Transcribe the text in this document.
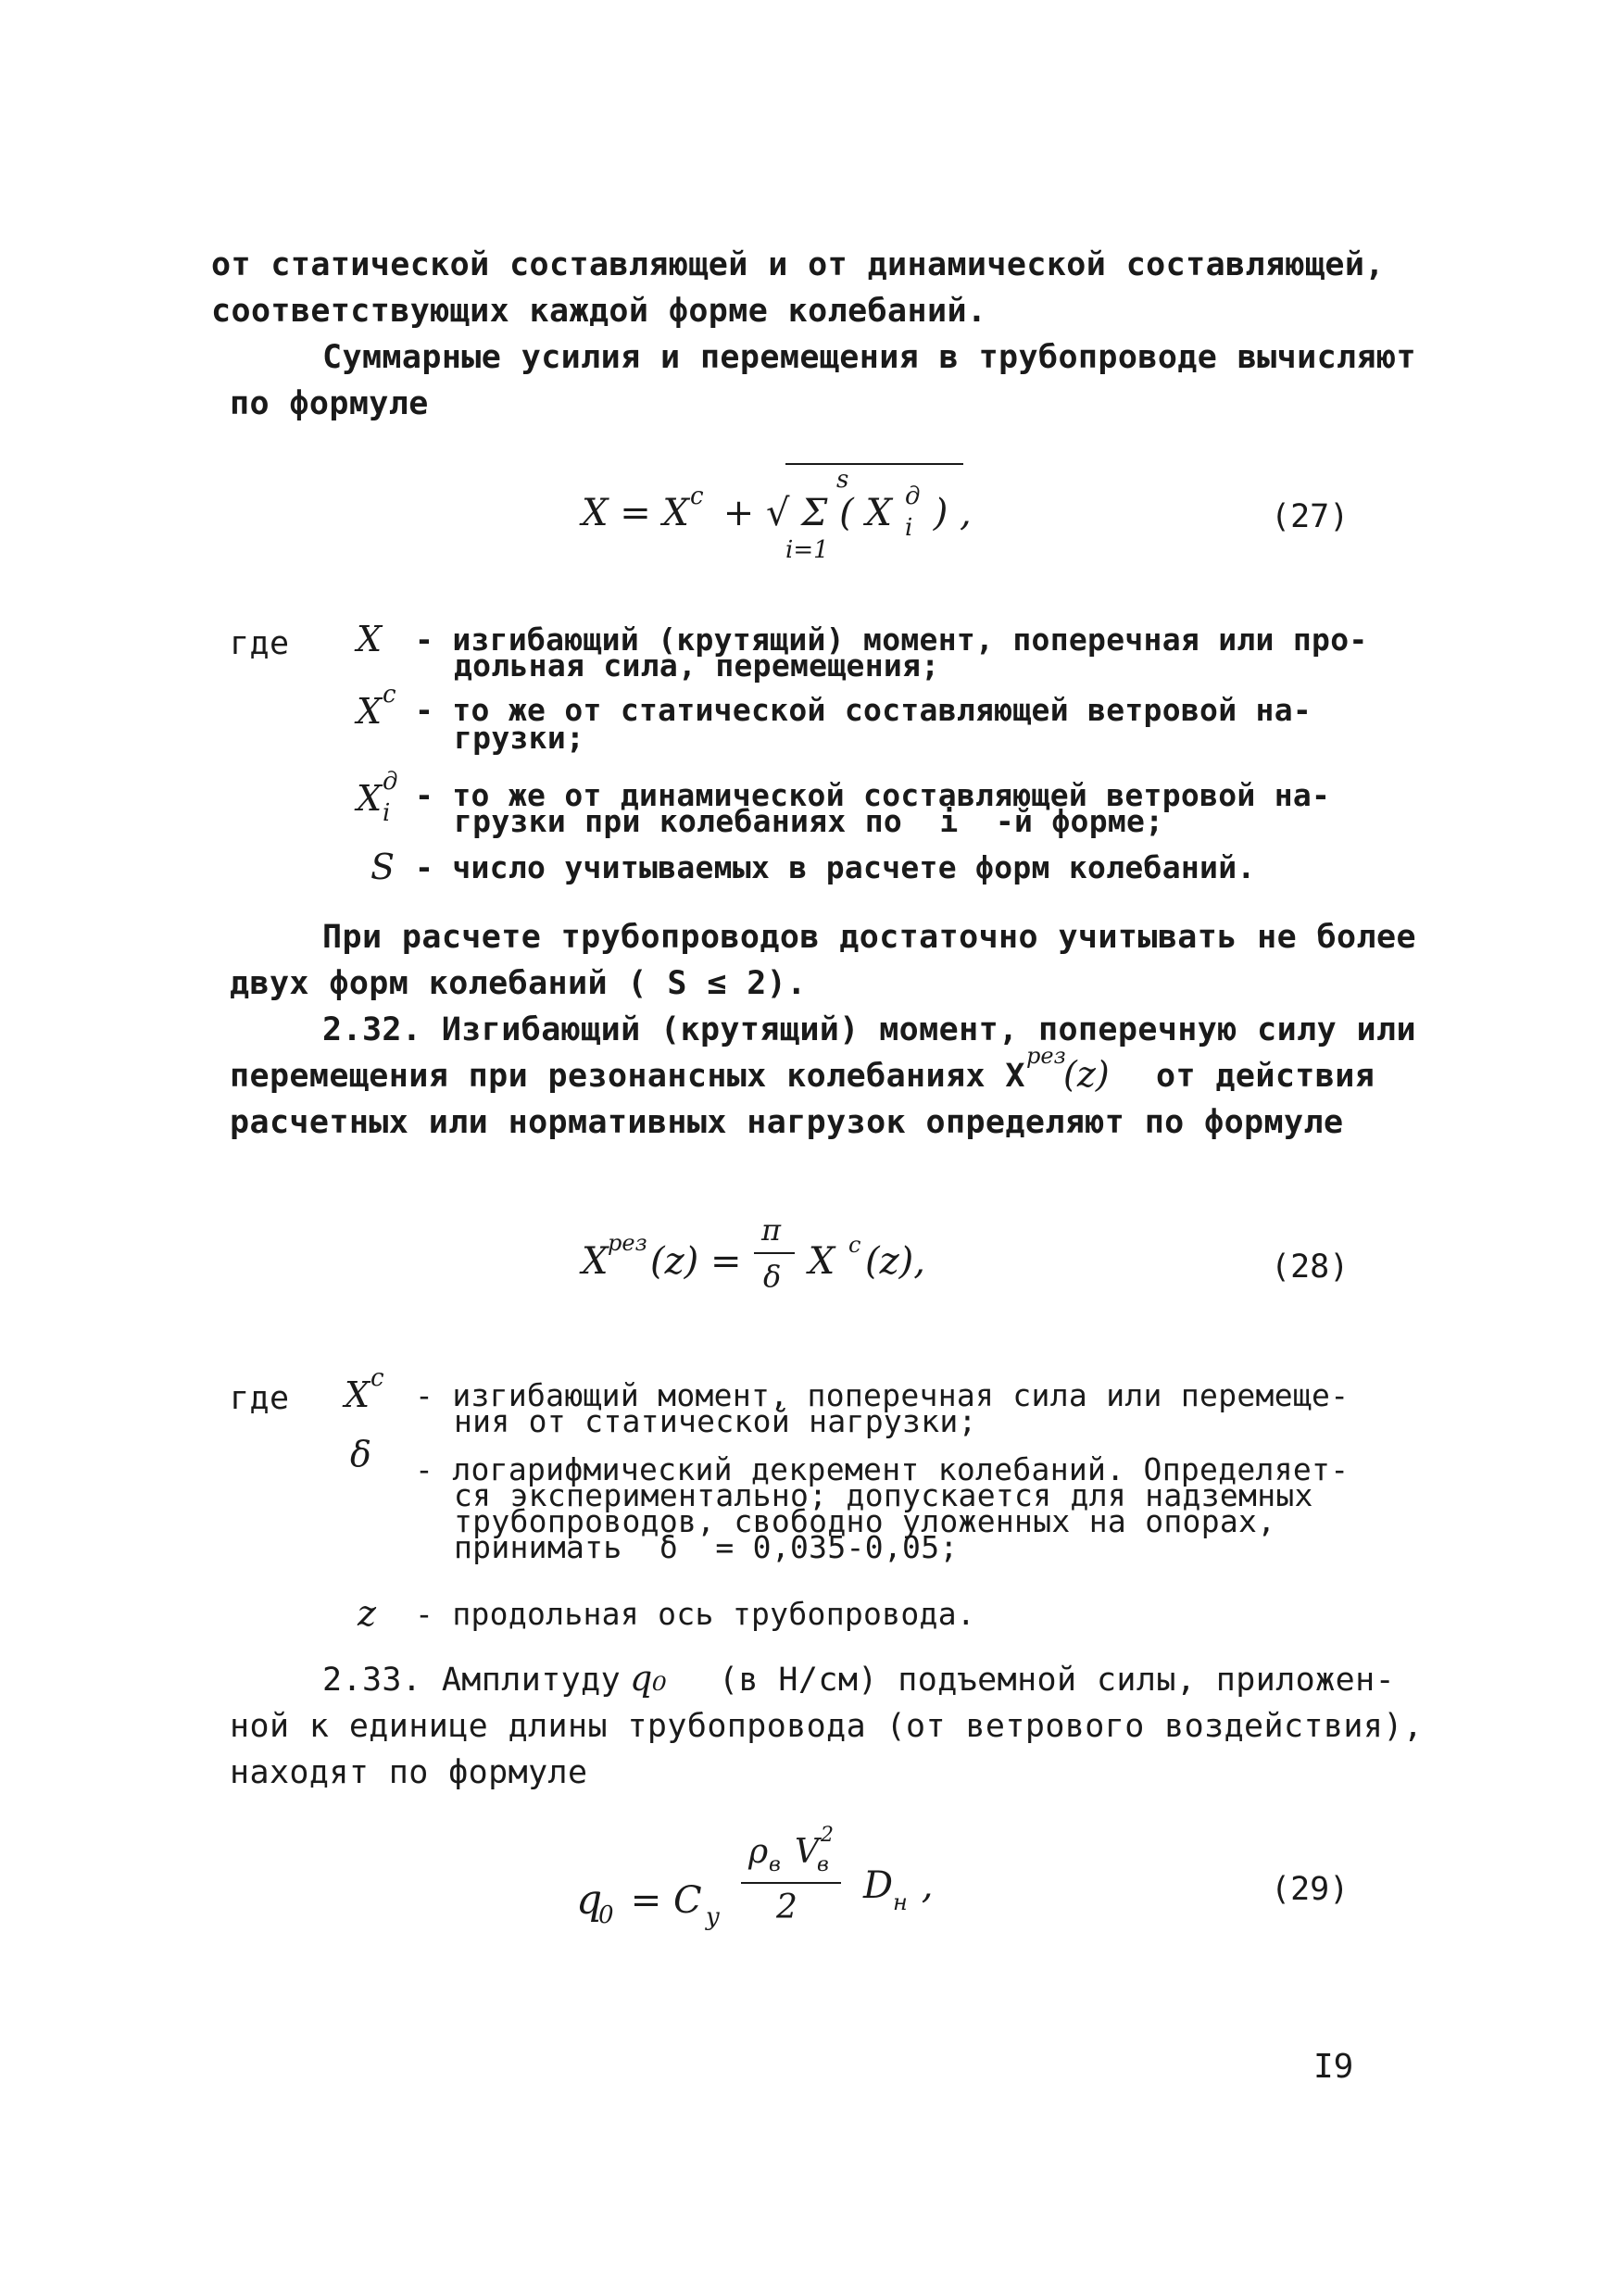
от статической составляющей и от динамической составляющей,
соответствующих каждой форме колебаний.
Суммарные усилия и перемещения в трубопроводе вычисляют
по формуле
X = X c + √ Σ ( X д
i ) ,
s
i=1
(27)
где X - изгибающий (крутящий) момент, поперечная или про-
дольная сила, перемещения;
X c - то же от статической составляющей ветровой на-
грузки;
X д
i - то же от динамической составляющей ветровой на-
грузки при колебаниях по  i  -й форме;
S - число учитываемых в расчете форм колебаний.
При расчете трубопроводов достаточно учитывать не более
двух форм колебаний ( S ≤ 2).
2.32. Изгибающий (крутящий) момент, поперечную силу или
перемещения при резонансных колебаниях X
рез
(z) от действия
расчетных или нормативных нагрузок определяют по формуле
X рез (z) =
π
δ X c (z),	(28)
где X c - изгибающий момент, поперечная сила или перемеще-
ния от статической нагрузки;
δ - логарифмический декремент колебаний. Определяет-
ся экспериментально; допускается для надземных
трубопроводов, свободно уложенных на опорах,
принимать  δ  = 0,035-0,05;
z - продольная ось трубопровода.
2.33. Амплитуду q₀ (в Н/см) подъемной силы, приложен-
ной к единице длины трубопровода (от ветрового воздействия),
находят по формуле
q
0 = C y
ρ в V
в
2
2
D н ,	(29)
I9
